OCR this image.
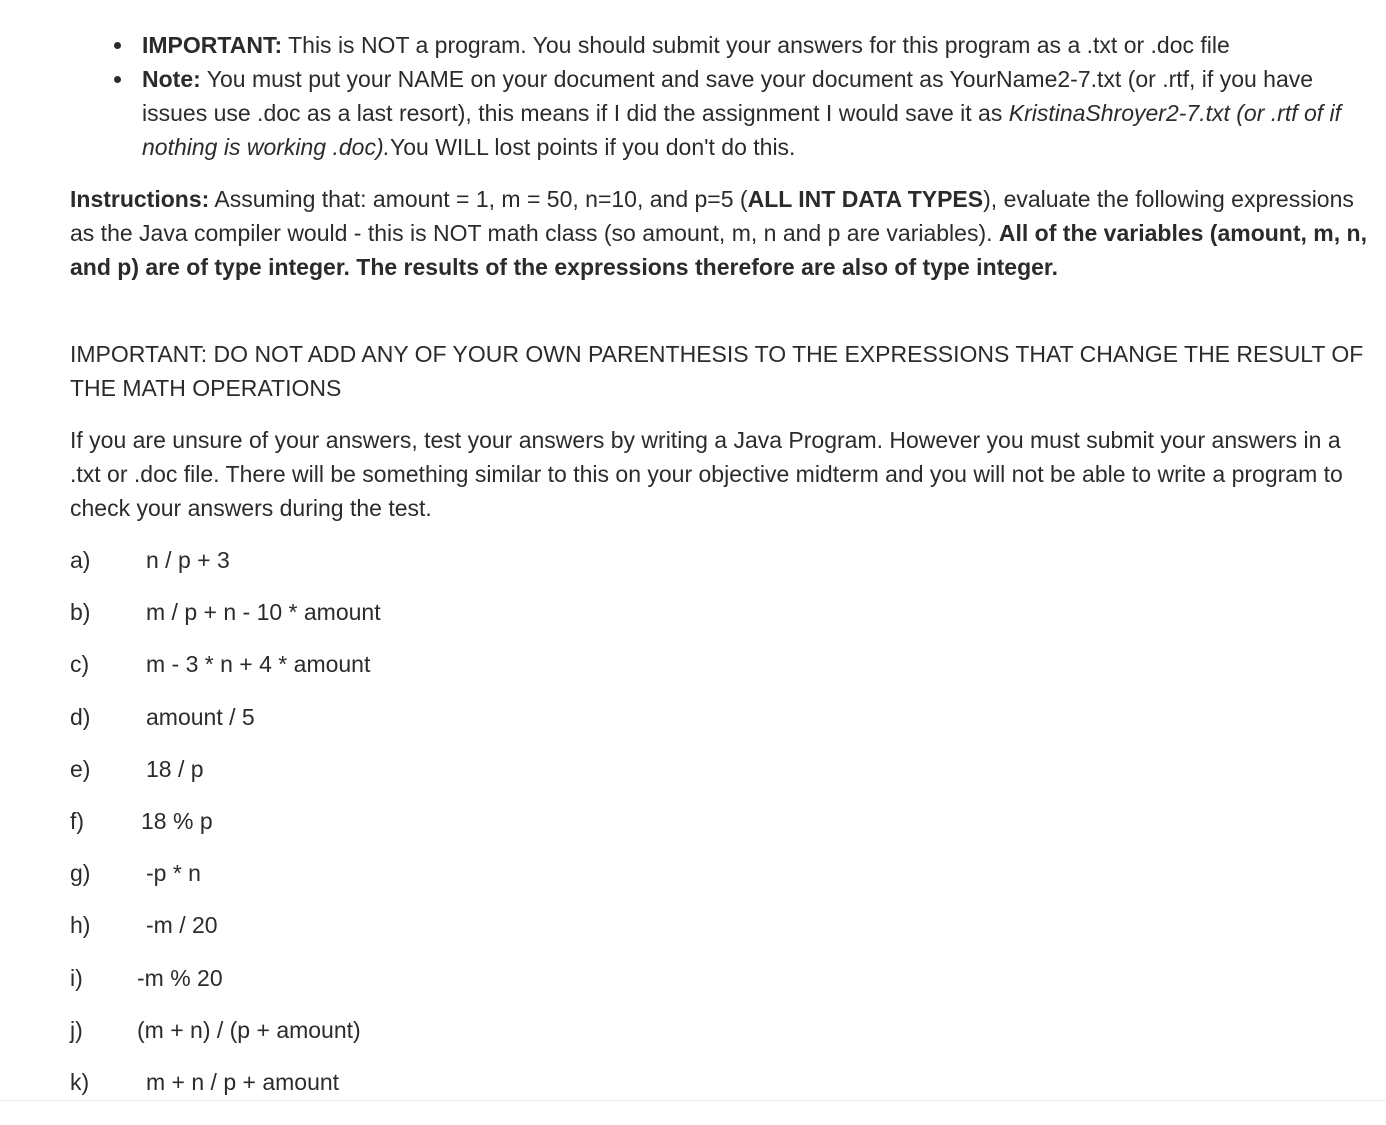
IMPORTANT: This is NOT a program. You should submit your answers for this program as a .txt or .doc file
Note: You must put your NAME on your document and save your document as YourName2-7.txt (or .rtf, if you have issues use .doc as a last resort), this means if I did the assignment I would save it as KristinaShroyer2-7.txt (or .rtf of if nothing is working .doc).You WILL lost points if you don't do this.

Instructions: Assuming that: amount = 1, m = 50, n=10, and p=5 (ALL INT DATA TYPES), evaluate the following expressions as the Java compiler would - this is NOT math class (so amount, m, n and p are variables). All of the variables (amount, m, n, and p) are of type integer. The results of the expressions therefore are also of type integer.

IMPORTANT: DO NOT ADD ANY OF YOUR OWN PARENTHESIS TO THE EXPRESSIONS THAT CHANGE THE RESULT OF THE MATH OPERATIONS

If you are unsure of your answers, test your answers by writing a Java Program. However you must submit your answers in a .txt or .doc file. There will be something similar to this on your objective midterm and you will not be able to write a program to check your answers during the test.

a)	n / p + 3
b)	m / p + n - 10 * amount
c)	m - 3 * n + 4 * amount
d)	amount / 5
e)	18 / p
f)	18 % p
g)	-p * n
h)	-m / 20
i)	-m % 20
j)	(m + n) / (p + amount)
k)	m + n / p + amount
